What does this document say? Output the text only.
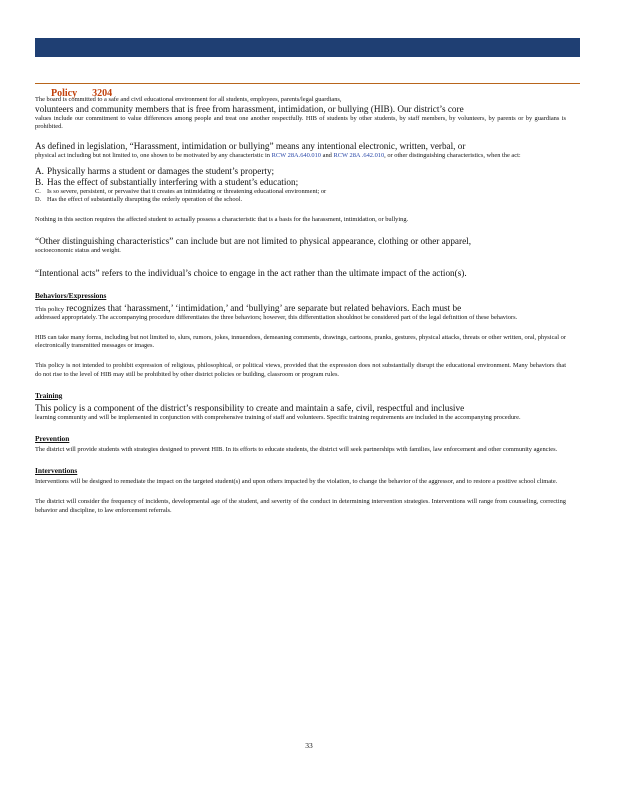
Prohibition      of Harassment,       Intimidation       or Bullying      of Students

Policy      3204

The board is committed to a safe and civil educational environment for all students, employees, parents/legal guardians,

volunteers and community members that is free from harassment, intimidation, or bullying (HIB). Our district’s core

values include our commitment to value differences among people and treat one another respectfully. HIB of students by other students, by staff members, by volunteers, by parents or by guardians is prohibited.

As defined in legislation, “Harassment, intimidation or bullying” means any intentional electronic, written, verbal, or

physical act including but not limited to, one shown to be motivated by any characteristic in RCW 28A.640.010 and RCW 28A .642.010, or other distinguishing characteristics, when the act:

A. Physically harms a student or damages the student’s property;
B. Has the effect of substantially interfering with a student’s education;
C. Is so severe, persistent, or pervasive that it creates an intimidating or threatening educational environment; or
D. Has the effect of substantially disrupting the orderly operation of the school.

Nothing in this section requires the affected student to actually possess a characteristic that is a basis for the harassment, intimidation, or bullying.

“Other distinguishing characteristics” can include but are not limited to physical appearance, clothing or other apparel,

socioeconomic status and weight.

“Intentional acts” refers to the individual’s choice to engage in the act rather than the ultimate impact of the action(s).

Behaviors/Expressions

This policy recognizes that ‘harassment,’ ‘intimidation,’ and ‘bullying’ are separate but related behaviors. Each must be

addressed appropriately. The accompanying procedure differentiates the three behaviors; however, this differentiation shouldnot be considered part of the legal definition of these behaviors.

HIB can take many forms, including but not limited to, slurs, rumors, jokes, innuendoes, demeaning comments, drawings, cartoons, pranks, gestures, physical attacks, threats or other written, oral, physical or electronically transmitted messages or images.

This policy is not intended to prohibit expression of religious, philosophical, or political views, provided that the expression does not substantially disrupt the educational environment. Many behaviors that do not rise to the level of HIB may still be prohibited by other district policies or building, classroom or program rules.

Training

This policy is a component of the district’s responsibility to create and maintain a safe, civil, respectful and inclusive

learning community and will be implemented in conjunction with comprehensive training of staff and volunteers. Specific training requirements are included in the accompanying procedure.

Prevention

The district will provide students with strategies designed to prevent HIB. In its efforts to educate students, the district will seek partnerships with families, law enforcement and other community agencies.

Interventions

Interventions will be designed to remediate the impact on the targeted student(s) and upon others impacted by the violation, to change the behavior of the aggressor, and to restore a positive school climate.

The district will consider the frequency of incidents, developmental age of the student, and severity of the conduct in determining intervention strategies. Interventions will range from counseling, correcting behavior and discipline, to law enforcement referrals.

33
